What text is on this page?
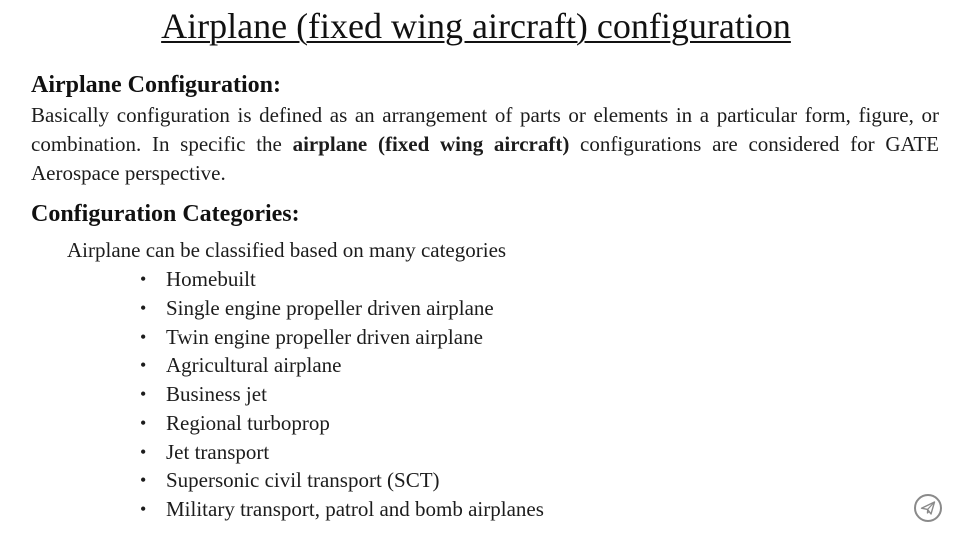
Airplane (fixed wing aircraft) configuration
Airplane Configuration:

Basically configuration is defined as an arrangement of parts or elements in a particular form, figure, or combination. In specific the airplane (fixed wing aircraft) configurations are considered for GATE Aerospace perspective.

Configuration Categories:

Airplane can be classified based on many categories

• Homebuilt
• Single engine propeller driven airplane
• Twin engine propeller driven airplane
• Agricultural airplane
• Business jet
• Regional turboprop
• Jet transport
• Supersonic civil transport (SCT)
• Military transport, patrol and bomb airplanes
